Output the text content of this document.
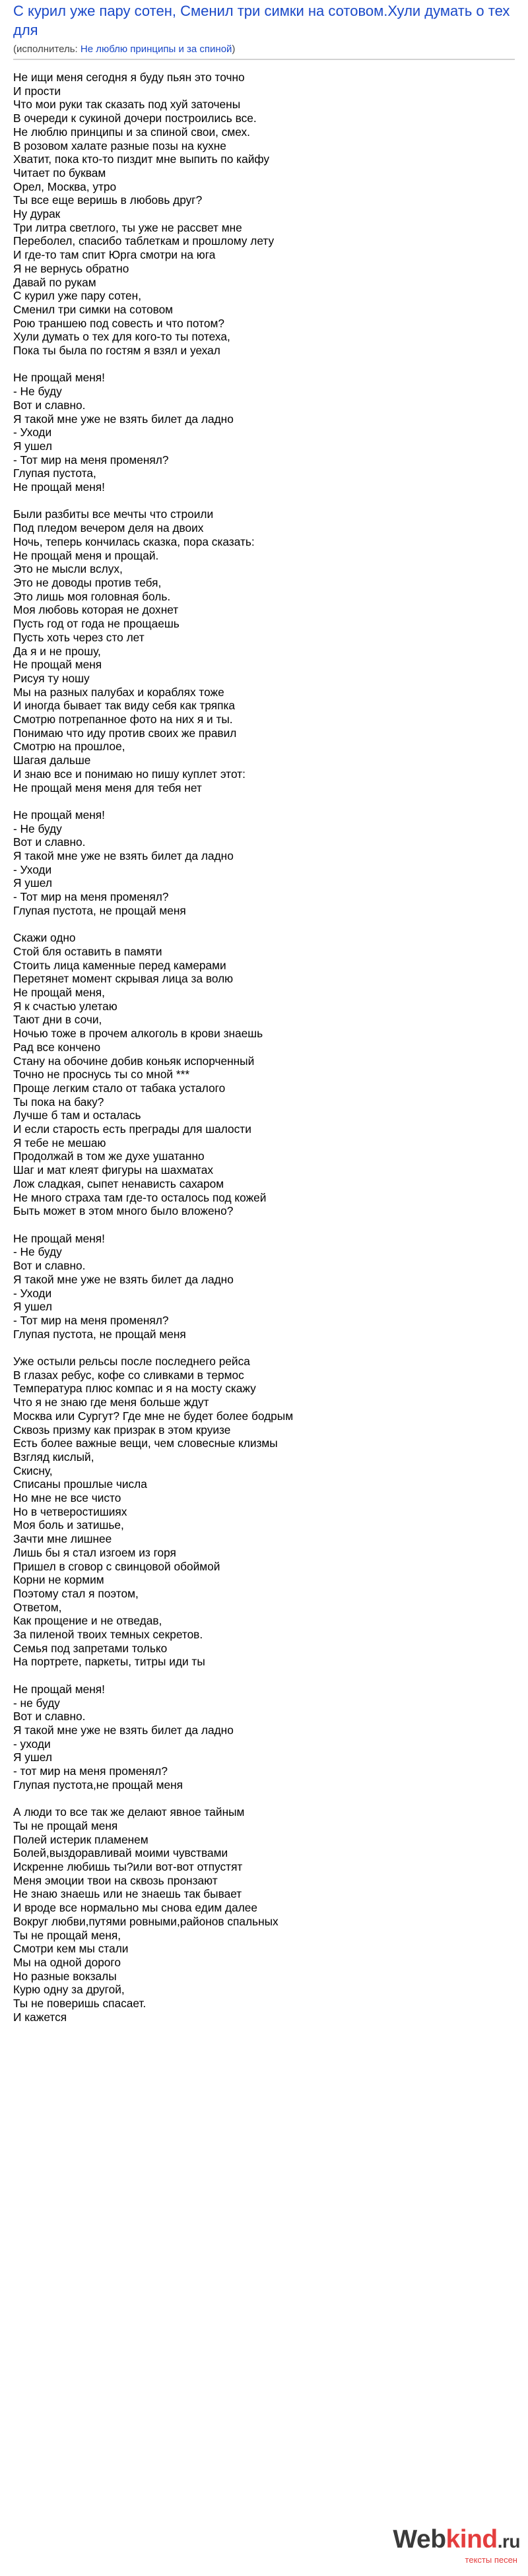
С курил уже пару сотен, Сменил три симки на сотовом.Хули думать о тех для
(исполнитель: Не люблю принципы и за спиной)
Не ищи меня сегодня я буду пьян это точно
И прости
Что мои руки так сказать под хуй заточены
В очереди к сукиной дочери построились все.
Не люблю принципы и за спиной свои, смех.
В розовом халате разные позы на кухне
Хватит, пока кто-то пиздит мне выпить по кайфу
Читает по буквам
Орел, Москва, утро
Ты все еще веришь в любовь друг?
Ну дурак
Три литра светлого, ты уже не рассвет мне
Переболел, спасибо таблеткам и прошлому лету
И где-то там спит Юрга смотри на юга
Я не вернусь обратно
Давай по рукам
С курил уже пару сотен,
Сменил три симки на сотовом
Рою траншею под совесть и что потом?
Хули думать о тех для кого-то ты потеха,
Пока ты была по гостям я взял и уехал
Не прощай меня!
- Не буду
Вот и славно.
Я такой мне уже не взять билет да ладно
- Уходи
Я ушел
- Тот мир на меня променял?
Глупая пустота,
Не прощай меня!
Были разбиты все мечты что строили
Под пледом вечером деля на двоих
Ночь, теперь кончилась сказка, пора сказать:
Не прощай меня и прощай.
Это не мысли вслух,
Это не доводы против тебя,
Это лишь моя головная боль.
Моя любовь которая не дохнет
Пусть год от года не прощаешь
Пусть хоть через сто лет
Да я и не прошу,
Не прощай меня
Рисуя ту ношу
Мы на разных палубах и кораблях тоже
И иногда бывает так виду себя как тряпка
Смотрю потрепанное фото на них я и ты.
Понимаю что иду против своих же правил
Смотрю на прошлое,
Шагая дальше
И знаю все и понимаю но пишу куплет этот:
Не прощай меня меня для тебя нет
Не прощай меня!
- Не буду
Вот и славно.
Я такой мне уже не взять билет да ладно
- Уходи
Я ушел
- Тот мир на меня променял?
Глупая пустота, не прощай меня
Скажи одно
Стой бля оставить в памяти
Стоить лица каменные перед камерами
Перетянет момент скрывая лица за волю
Не прощай меня,
Я к счастью улетаю
Тают дни в сочи,
Ночью тоже в прочем алкоголь в крови знаешь
Рад все кончено
Стану на обочине добив коньяк испорченный
Точно не проснусь ты со мной ***
Проще легким стало от табака усталого
Ты пока на баку?
Лучше б там и осталась
И если старость есть преграды для шалости
Я тебе не мешаю
Продолжай в том же духе ушатанно
Шаг и мат клеят фигуры на шахматах
Лож сладкая, сыпет ненависть сахаром
Не много страха там где-то осталось под кожей
Быть может в этом много было вложено?
Не прощай меня!
- Не буду
Вот и славно.
Я такой мне уже не взять билет да ладно
- Уходи
Я ушел
- Тот мир на меня променял?
Глупая пустота, не прощай меня
Уже остыли рельсы после последнего рейса
В глазах ребус, кофе со сливками в термос
Температура плюс компас и я на мосту скажу
Что я не знаю где меня больше ждут
Москва или Сургут? Где мне не будет более бодрым
Сквозь призму как призрак в этом круизе
Есть более важные вещи, чем словесные клизмы
Взгляд кислый,
Скисну,
Списаны прошлые числа
Но мне не все чисто
Но в четверостишиях
Моя боль и затишье,
Зачти мне лишнее
Лишь бы я стал изгоем из горя
Пришел в сговор с свинцовой обоймой
Корни не кормим
Поэтому стал я поэтом,
Ответом,
Как прощение и не отведав,
За пиленой твоих темных секретов.
Семья под запретами только
На портрете, паркеты, титры иди ты
Не прощай меня!
- не буду
Вот и славно.
Я такой мне уже не взять билет да ладно
- уходи
Я ушел
- тот мир на меня променял?
Глупая пустота,не прощай меня
А люди то все так же делают явное тайным
Ты не прощай меня
Полей истерик пламенем
Болей,выздоравливай моими чувствами
Искренне любишь ты?или вот-вот отпустят
Меня эмоции твои на сквозь пронзают
Не знаю знаешь или не знаешь так бывает
И вроде все нормально мы снова едим далее
Вокруг любви,путями ровными,районов спальных
Ты не прощай меня,
Смотри кем мы стали
Мы на одной дорого
Но разные вокзалы
Курю одну за другой,
Ты не поверишь спасает.
И кажется
Webkind.ru
тексты песен
